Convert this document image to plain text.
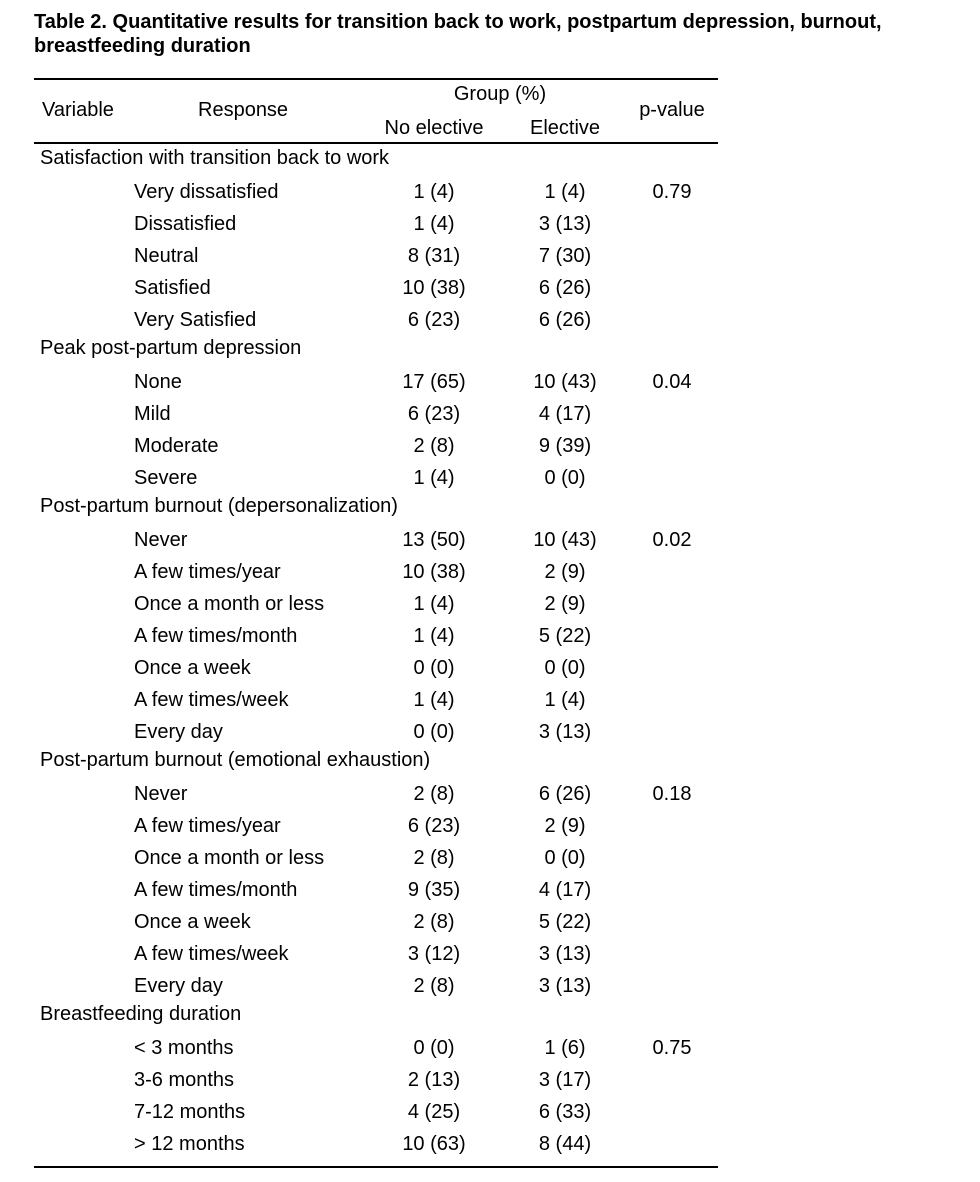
Table 2. Quantitative results for transition back to work, postpartum depression, burnout,
breastfeeding duration
Variable	Response
Group (%)
No elective	Elective
p-value
Satisfaction with transition back to work
Very dissatisfied	1 (4)	1 (4)	0.79
Dissatisfied	1 (4)	3 (13)
Neutral	8 (31)	7 (30)
Satisfied	10 (38)	6 (26)
Very Satisfied	6 (23)	6 (26)
Peak post-partum depression
None	17 (65)	10 (43)	0.04
Mild	6 (23)	4 (17)
Moderate	2 (8)	9 (39)
Severe	1 (4)	0 (0)
Post-partum burnout (depersonalization)
Never	13 (50)	10 (43)	0.02
A few times/year	10 (38)	2 (9)
Once a month or less	1 (4)	2 (9)
A few times/month	1 (4)	5 (22)
Once a week	0 (0)	0 (0)
A few times/week	1 (4)	1 (4)
Every day	0 (0)	3 (13)
Post-partum burnout (emotional exhaustion)
Never	2 (8)	6 (26)	0.18
A few times/year	6 (23)	2 (9)
Once a month or less	2 (8)	0 (0)
A few times/month	9 (35)	4 (17)
Once a week	2 (8)	5 (22)
A few times/week	3 (12)	3 (13)
Every day	2 (8)	3 (13)
Breastfeeding duration
< 3 months	0 (0)	1 (6)	0.75
3-6 months	2 (13)	3 (17)
7-12 months	4 (25)	6 (33)
> 12 months	10 (63)	8 (44)
